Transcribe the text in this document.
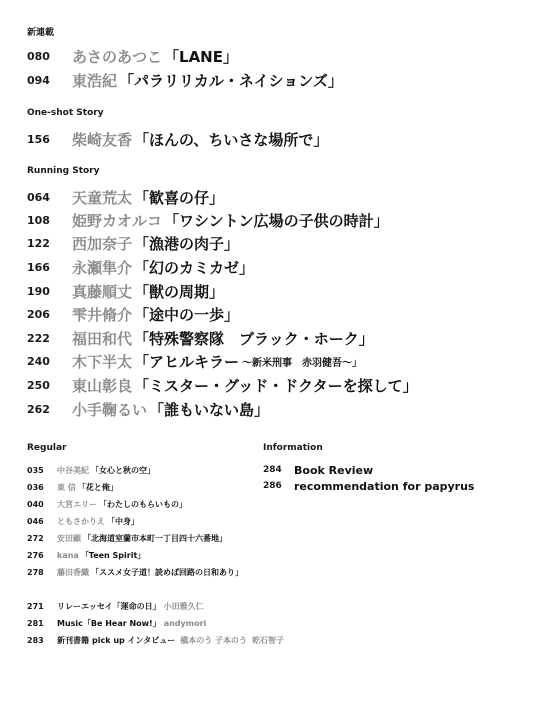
新連載
One-shot Story
Running Story
Regular	Information
080	あさのあつこ 「LANE」
094	東浩紀 「パラリリカル・ネイションズ」
156	柴崎友香 「ほんの、ちいさな場所で」
064	天童荒太 「歓喜の仔」
108	姫野カオルコ 「ワシントン広場の子供の時計」
122	西加奈子 「漁港の肉子」
166	永瀬隼介 「幻のカミカゼ」
190	真藤順丈 「獣の周期」
206	雫井脩介 「途中の一歩」
222	福田和代 「特殊警察隊　ブラック・ホーク」
240	木下半太 「アヒルキラー ～新米刑事　赤羽健吾～」
250	東山彰良 「ミスター・グッド・ドクターを探して」
262	小手鞠るい 「誰もいない島」
035	中谷美紀 「女心と秋の空」
036	東 信 「花と俺」
040	大宮エリー 「わたしのもらいもの」
046	ともさかりえ 「中身」
272	安田顕 「北海道室蘭市本町一丁目四十六番地」
276	kana 「Teen Spirit」
278	藤田香織 「ススメ女子道！読めば回路の日和あり」
284	Book Review
286	recommendation for papyrus
271	リレーエッセイ「運命の日」 小田雅久仁
281	Music「Be Hear Now!」 andymori
283	新刊書籍 pick up インタビュー 槇本のう 子本のう 乾石智子
